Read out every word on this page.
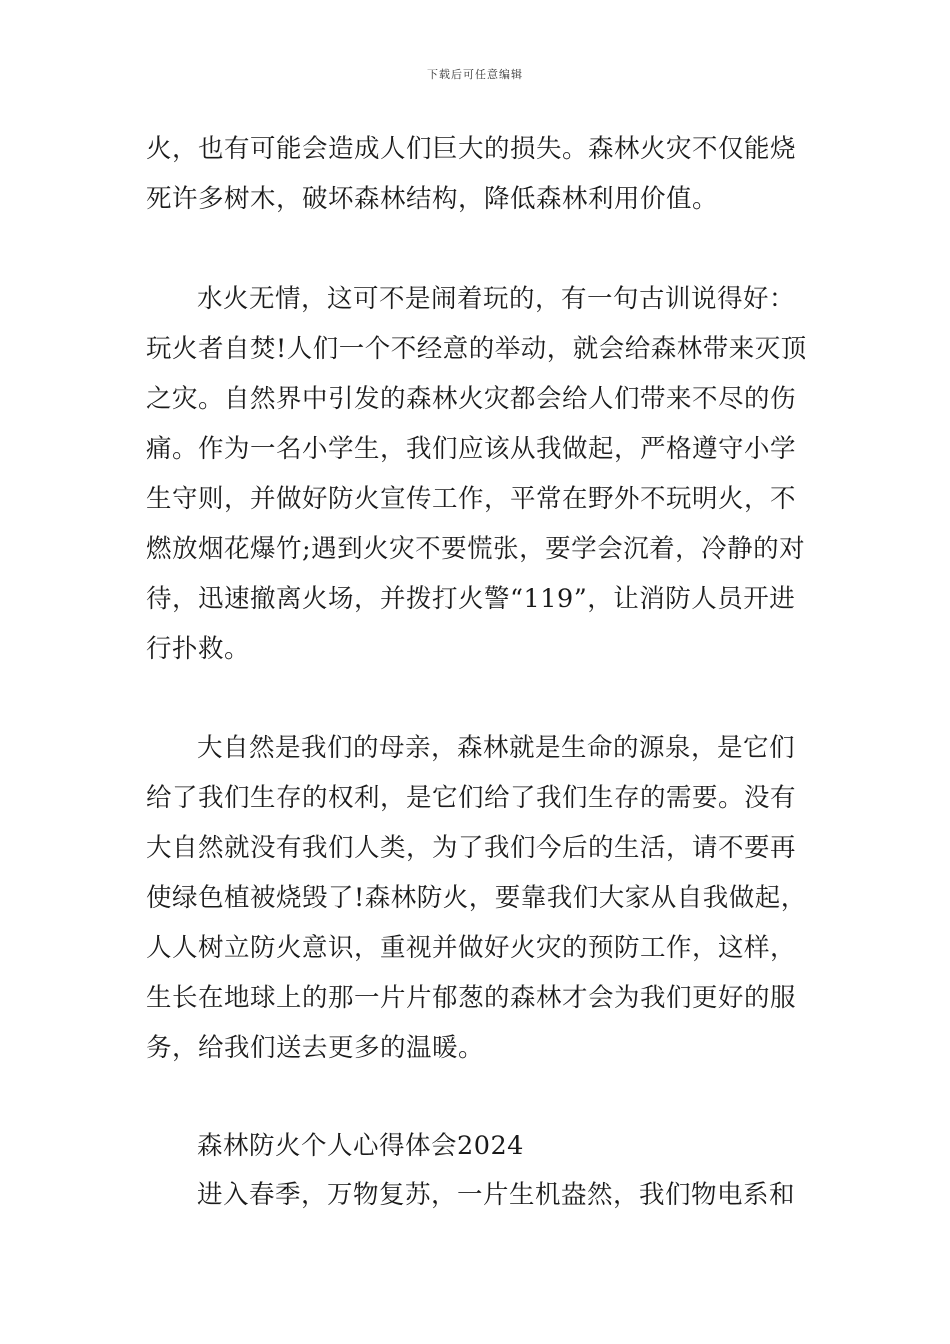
下载后可任意编辑
火，也有可能会造成人们巨大的损失。森林火灾不仅能烧
死许多树木，破坏森林结构，降低森林利用价值。
水火无情，这可不是闹着玩的，有一句古训说得好：
玩火者自焚!人们一个不经意的举动，就会给森林带来灭顶
之灾。自然界中引发的森林火灾都会给人们带来不尽的伤
痛。作为一名小学生，我们应该从我做起，严格遵守小学
生守则，并做好防火宣传工作，平常在野外不玩明火，不
燃放烟花爆竹;遇到火灾不要慌张，要学会沉着，冷静的对
待，迅速撤离火场，并拨打火警“119”，让消防人员开进
行扑救。
大自然是我们的母亲，森林就是生命的源泉，是它们
给了我们生存的权利，是它们给了我们生存的需要。没有
大自然就没有我们人类，为了我们今后的生活，请不要再
使绿色植被烧毁了!森林防火，要靠我们大家从自我做起，
人人树立防火意识，重视并做好火灾的预防工作，这样，
生长在地球上的那一片片郁葱的森林才会为我们更好的服
务，给我们送去更多的温暖。
森林防火个人心得体会2024
进入春季，万物复苏，一片生机盎然，我们物电系和
